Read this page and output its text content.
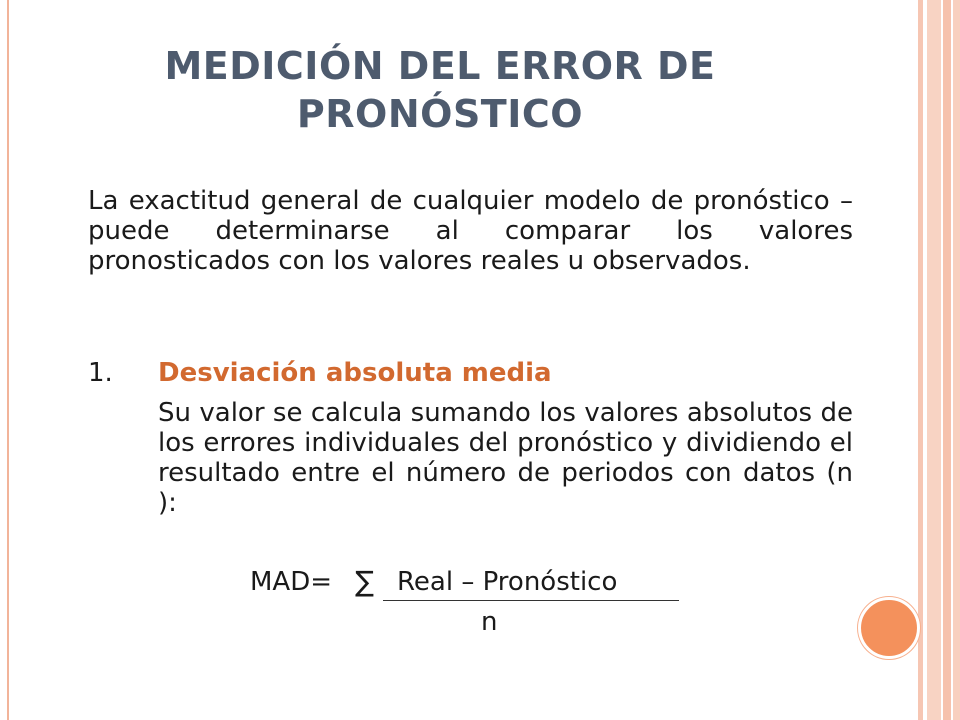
MEDICIÓN DEL ERROR DE
PRONÓSTICO

La exactitud general de cualquier modelo de pronóstico – puede determinarse al comparar los valores pronosticados con los valores reales u observados.

1. Desviación absoluta media

Su valor se calcula sumando los valores absolutos de los errores individuales del pronóstico y dividiendo el resultado entre el número de periodos con datos (n ):

MAD= ∑ Real – Pronóstico
n
